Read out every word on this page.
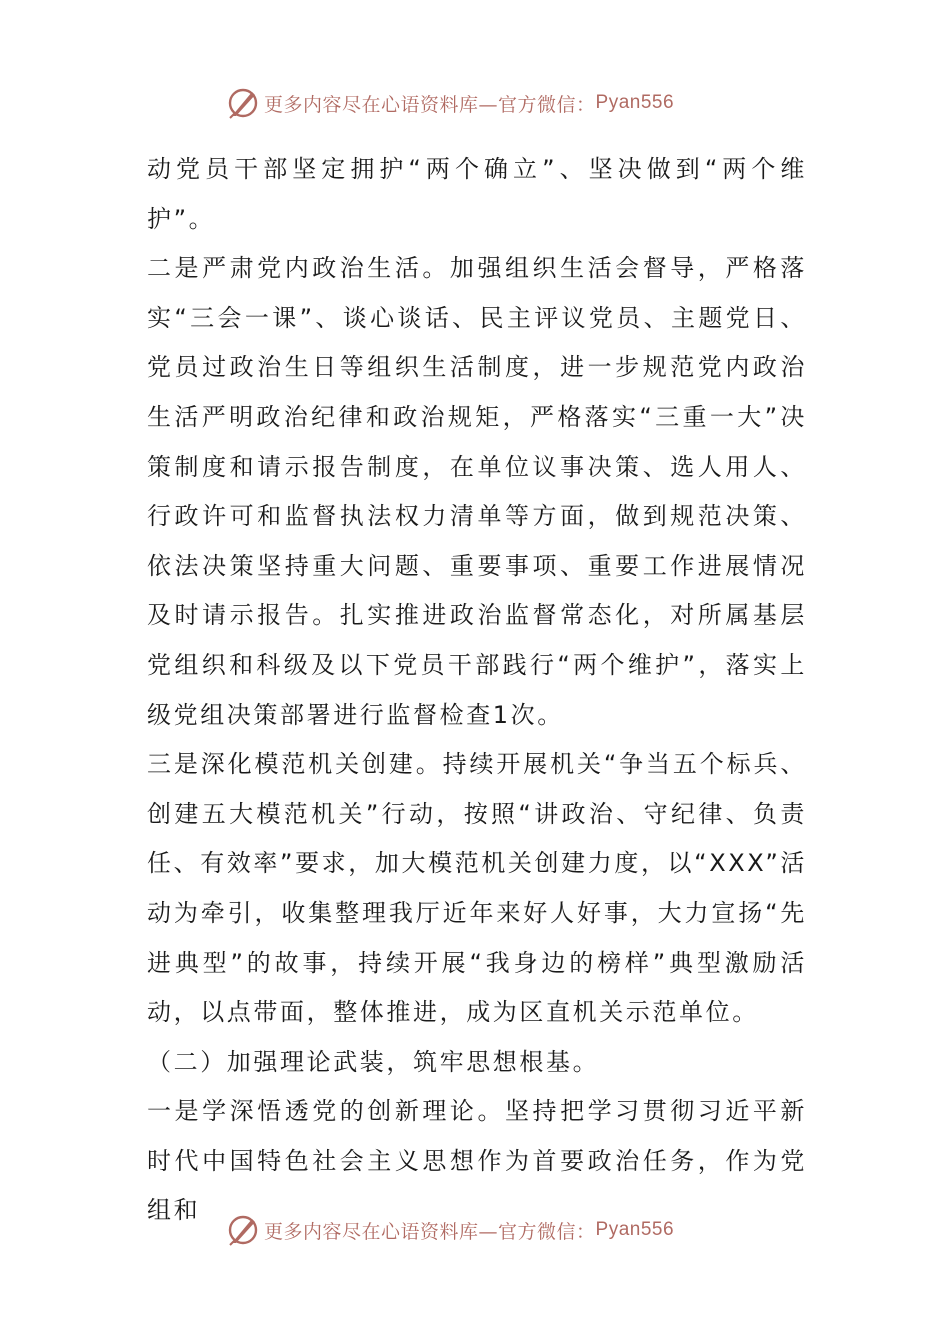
更多内容尽在心语资料库—官方微信： Pyan556

动党员干部坚定拥护“两个确立”、坚决做到“两个维护”。

二是严肃党内政治生活。加强组织生活会督导，严格落实“三会一课”、谈心谈话、民主评议党员、主题党日、党员过政治生日等组织生活制度，进一步规范党内政治生活严明政治纪律和政治规矩，严格落实“三重一大”决策制度和请示报告制度，在单位议事决策、选人用人、行政许可和监督执法权力清单等方面，做到规范决策、依法决策坚持重大问题、重要事项、重要工作进展情况及时请示报告。扎实推进政治监督常态化，对所属基层党组织和科级及以下党员干部践行“两个维护”，落实上级党组决策部署进行监督检查1次。

三是深化模范机关创建。持续开展机关“争当五个标兵、创建五大模范机关”行动，按照“讲政治、守纪律、负责任、有效率”要求，加大模范机关创建力度，以“XXX”活动为牵引，收集整理我厅近年来好人好事，大力宣扬“先进典型”的故事，持续开展“我身边的榜样”典型激励活动，以点带面，整体推进，成为区直机关示范单位。

（二）加强理论武装，筑牢思想根基。

一是学深悟透党的创新理论。坚持把学习贯彻习近平新时代中国特色社会主义思想作为首要政治任务，作为党组和

更多内容尽在心语资料库—官方微信： Pyan556
